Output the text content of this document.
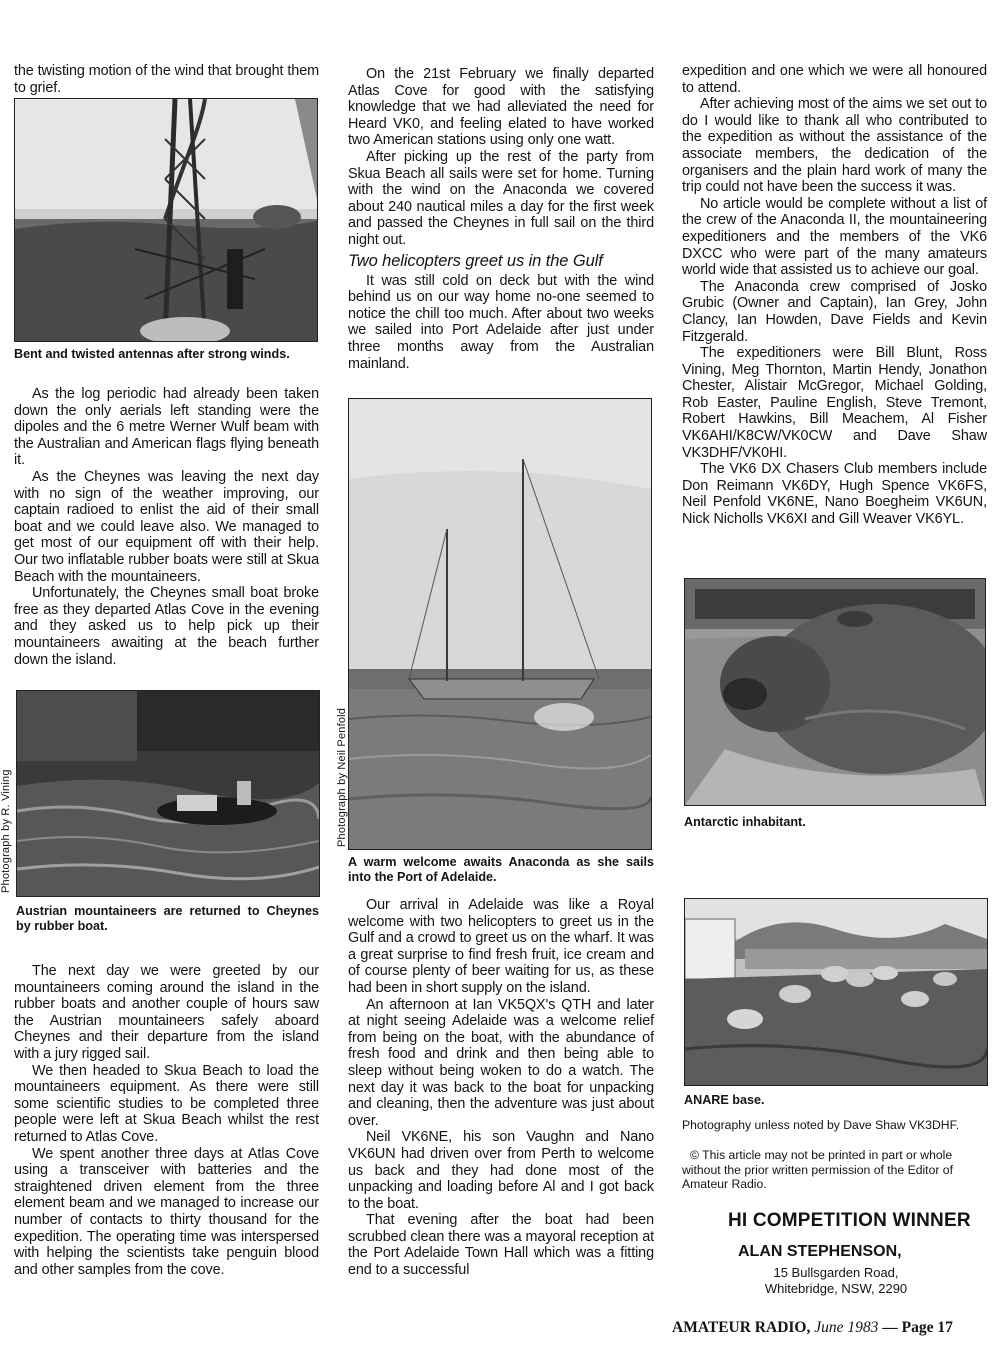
the twisting motion of the wind that brought them to grief.

Bent and twisted antennas after strong winds.

As the log periodic had already been taken down the only aerials left standing were the dipoles and the 6 metre Werner Wulf beam with the Australian and American flags flying beneath it.

As the Cheynes was leaving the next day with no sign of the weather improving, our captain radioed to enlist the aid of their small boat and we could leave also. We managed to get most of our equipment off with their help. Our two inflatable rubber boats were still at Skua Beach with the mountaineers.

Unfortunately, the Cheynes small boat broke free as they departed Atlas Cove in the evening and they asked us to help pick up their mountaineers awaiting at the beach further down the island.

Photograph by R. Vining
Austrian mountaineers are returned to Cheynes by rubber boat.

The next day we were greeted by our mountaineers coming around the island in the rubber boats and another couple of hours saw the Austrian mountaineers safely aboard Cheynes and their departure from the island with a jury rigged sail.

We then headed to Skua Beach to load the mountaineers equipment. As there were still some scientific studies to be completed three people were left at Skua Beach whilst the rest returned to Atlas Cove.

We spent another three days at Atlas Cove using a transceiver with batteries and the straightened driven element from the three element beam and we managed to increase our number of contacts to thirty thousand for the expedition. The operating time was interspersed with helping the scientists take penguin blood and other samples from the cove.

On the 21st February we finally departed Atlas Cove for good with the satisfying knowledge that we had alleviated the need for Heard VK0, and feeling elated to have worked two American stations using only one watt.

After picking up the rest of the party from Skua Beach all sails were set for home. Turning with the wind on the Anaconda we covered about 240 nautical miles a day for the first week and passed the Cheynes in full sail on the third night out.

Two helicopters greet us in the Gulf

It was still cold on deck but with the wind behind us on our way home no-one seemed to notice the chill too much. After about two weeks we sailed into Port Adelaide after just under three months away from the Australian mainland.

Photograph by Neil Penfold
A warm welcome awaits Anaconda as she sails into the Port of Adelaide.

Our arrival in Adelaide was like a Royal welcome with two helicopters to greet us in the Gulf and a crowd to greet us on the wharf. It was a great surprise to find fresh fruit, ice cream and of course plenty of beer waiting for us, as these had been in short supply on the island.

An afternoon at Ian VK5QX's QTH and later at night seeing Adelaide was a welcome relief from being on the boat, with the abundance of fresh food and drink and then being able to sleep without being woken to do a watch. The next day it was back to the boat for unpacking and cleaning, then the adventure was just about over.

Neil VK6NE, his son Vaughn and Nano VK6UN had driven over from Perth to welcome us back and they had done most of the unpacking and loading before Al and I got back to the boat.

That evening after the boat had been scrubbed clean there was a mayoral reception at the Port Adelaide Town Hall which was a fitting end to a successful

expedition and one which we were all honoured to attend.

After achieving most of the aims we set out to do I would like to thank all who contributed to the expedition as without the assistance of the associate members, the dedication of the organisers and the plain hard work of many the trip could not have been the success it was.

No article would be complete without a list of the crew of the Anaconda II, the mountaineering expeditioners and the members of the VK6 DXCC who were part of the many amateurs world wide that assisted us to achieve our goal.

The Anaconda crew comprised of Josko Grubic (Owner and Captain), Ian Grey, John Clancy, Ian Howden, Dave Fields and Kevin Fitzgerald.

The expeditioners were Bill Blunt, Ross Vining, Meg Thornton, Martin Hendy, Jonathon Chester, Alistair McGregor, Michael Golding, Rob Easter, Pauline English, Steve Tremont, Robert Hawkins, Bill Meachem, Al Fisher VK6AHI/K8CW/VK0CW and Dave Shaw VK3DHF/VK0HI.

The VK6 DX Chasers Club members include Don Reimann VK6DY, Hugh Spence VK6FS, Neil Penfold VK6NE, Nano Boegheim VK6UN, Nick Nicholls VK6XI and Gill Weaver VK6YL.

Antarctic inhabitant.
ANARE base.
Photography unless noted by Dave Shaw VK3DHF.
© This article may not be printed in part or whole without the prior written permission of the Editor of Amateur Radio.
HI COMPETITION WINNER
ALAN STEPHENSON,
15 Bullsgarden Road,
Whitebridge, NSW, 2290
AMATEUR RADIO, June 1983 — Page 17
